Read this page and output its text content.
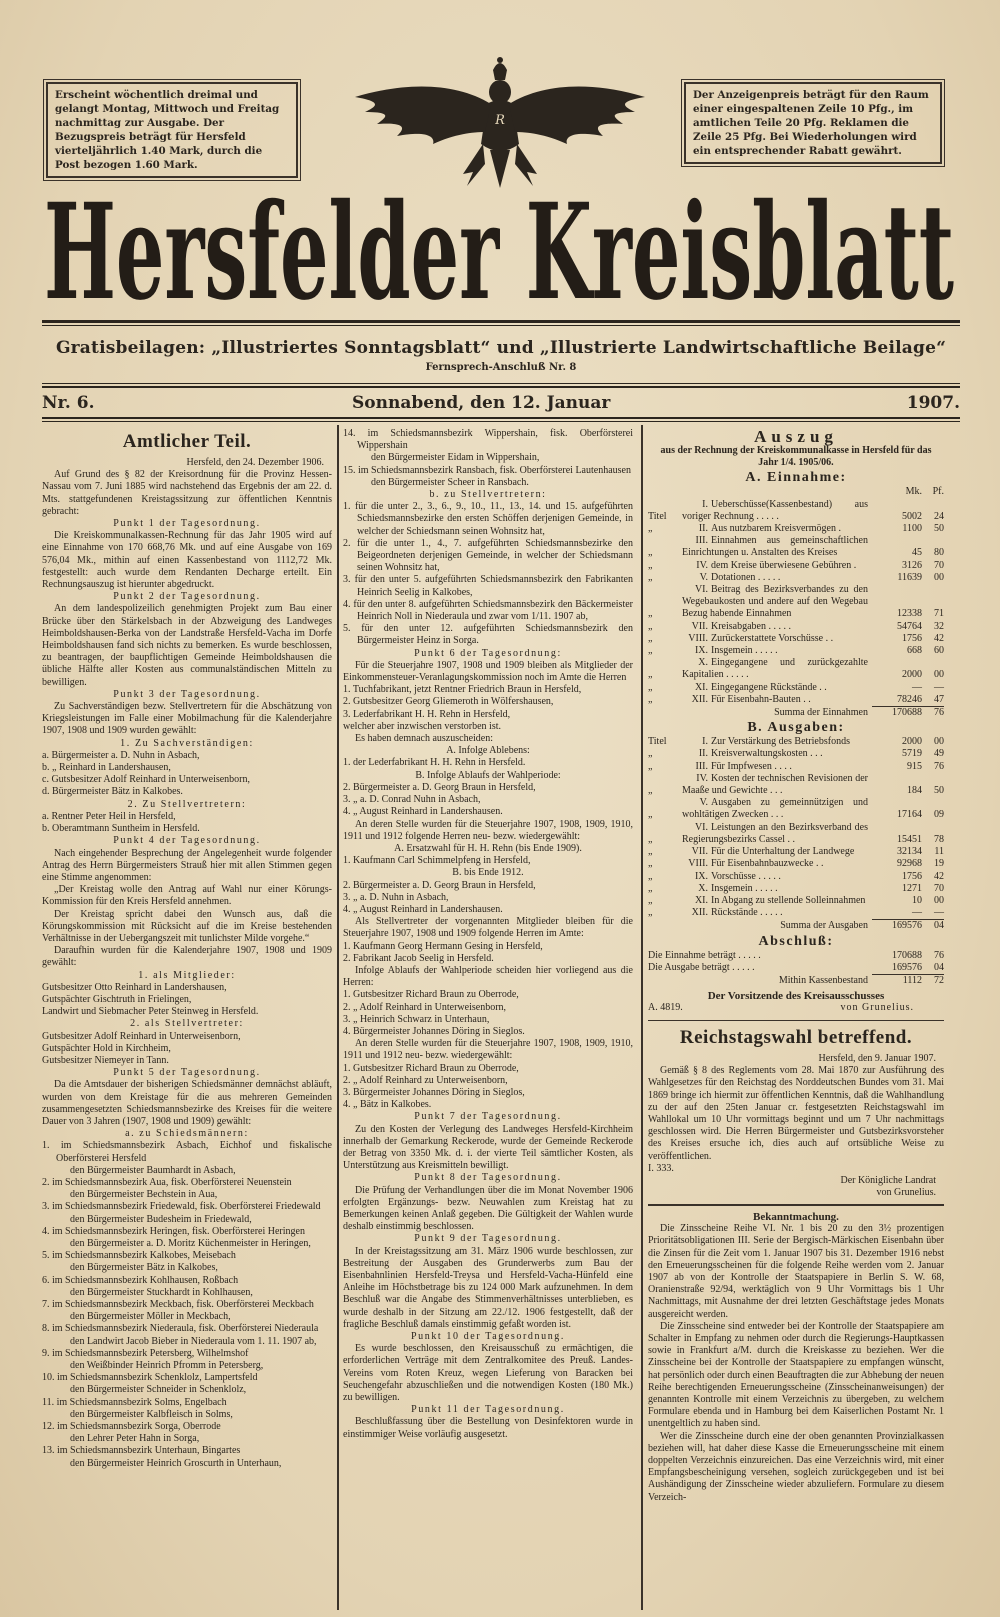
Erscheint wöchentlich dreimal und gelangt Montag, Mittwoch und Freitag nachmittag zur Ausgabe. Der Bezugspreis beträgt für Hersfeld vierteljährlich 1.40 Mark, durch die Post bezogen 1.60 Mark.
Der Anzeigenpreis beträgt für den Raum einer eingespaltenen Zeile 10 Pfg., im amtlichen Teile 20 Pfg. Reklamen die Zeile 25 Pfg. Bei Wiederholungen wird ein entsprechender Rabatt gewährt.
R
Hersfelder Kreisblatt
Gratisbeilagen: „Illustriertes Sonntagsblatt“ und „Illustrierte Landwirtschaftliche Beilage“
Fernsprech-Anschluß Nr. 8
Nr. 6.	Sonnabend, den 12. Januar	1907.
Amtlicher Teil.
Hersfeld, den 24. Dezember 1906.
Auf Grund des § 82 der Kreisordnung für die Provinz Hessen-Nassau vom 7. Juni 1885 wird nachstehend das Ergebnis der am 22. d. Mts. stattgefundenen Kreistagssitzung zur öffentlichen Kenntnis gebracht:
Punkt 1 der Tagesordnung.
Die Kreiskommunalkassen-Rechnung für das Jahr 1905 wird auf eine Einnahme von 170 668,76 Mk. und auf eine Ausgabe von 169 576,04 Mk., mithin auf einen Kassenbestand von 1112,72 Mk. festgestellt: auch wurde dem Rendanten Decharge erteilt. Ein Rechnungsauszug ist hierunter abgedruckt.
Punkt 2 der Tagesordnung.
An dem landespolizeilich genehmigten Projekt zum Bau einer Brücke über den Stärkelsbach in der Abzweigung des Landweges Heimboldshausen-Berka von der Landstraße Hersfeld-Vacha im Dorfe Heimboldshausen fand sich nichts zu bemerken. Es wurde beschlossen, zu beantragen, der baupflichtigen Gemeinde Heimboldshausen die übliche Hälfte aller Kosten aus communalständischen Mitteln zu bewilligen.
Punkt 3 der Tagesordnung.
Zu Sachverständigen bezw. Stellvertretern für die Abschätzung von Kriegsleistungen im Falle einer Mobilmachung für die Kalenderjahre 1907, 1908 und 1909 wurden gewählt:
1. Zu Sachverständigen:
a. Bürgermeister a. D. Nuhn in Asbach,
b. „ Reinhard in Landershausen,
c. Gutsbesitzer Adolf Reinhard in Unterweisenborn,
d. Bürgermeister Bätz in Kalkobes.
2. Zu Stellvertretern:
a. Rentner Peter Heil in Hersfeld,
b. Oberamtmann Suntheim in Hersfeld.
Punkt 4 der Tagesordnung.
Nach eingehender Besprechung der Angelegenheit wurde folgender Antrag des Herrn Bürgermeisters Strauß hier mit allen Stimmen gegen eine Stimme angenommen:
„Der Kreistag wolle den Antrag auf Wahl nur einer Körungs-Kommission für den Kreis Hersfeld annehmen.
Der Kreistag spricht dabei den Wunsch aus, daß die Körungskommission mit Rücksicht auf die im Kreise bestehenden Verhältnisse in der Uebergangszeit mit tunlichster Milde vorgehe.“
Daraufhin wurden für die Kalenderjahre 1907, 1908 und 1909 gewählt:
1. als Mitglieder:
Gutsbesitzer Otto Reinhard in Landershausen,
Gutspächter Gischtruth in Frielingen,
Landwirt und Siebmacher Peter Steinweg in Hersfeld.
2. als Stellvertreter:
Gutsbesitzer Adolf Reinhard in Unterweisenborn,
Gutspächter Hold in Kirchheim,
Gutsbesitzer Niemeyer in Tann.
Punkt 5 der Tagesordnung.
Da die Amtsdauer der bisherigen Schiedsmänner demnächst abläuft, wurden von dem Kreistage für die aus mehreren Gemeinden zusammengesetzten Schiedsmannsbezirke des Kreises für die weitere Dauer von 3 Jahren (1907, 1908 und 1909) gewählt:
a. zu Schiedsmännern:
1. im Schiedsmannsbezirk Asbach, Eichhof und fiskalische Oberförsterei Hersfeld
den Bürgermeister Baumhardt in Asbach,
2. im Schiedsmannsbezirk Aua, fisk. Oberförsterei Neuenstein
den Bürgermeister Bechstein in Aua,
3. im Schiedsmannsbezirk Friedewald, fisk. Oberförsterei Friedewald
den Bürgermeister Budesheim in Friedewald,
4. im Schiedsmannsbezirk Heringen, fisk. Oberförsterei Heringen
den Bürgermeister a. D. Moritz Küchenmeister in Heringen,
5. im Schiedsmannsbezirk Kalkobes, Meisebach
den Bürgermeister Bätz in Kalkobes,
6. im Schiedsmannsbezirk Kohlhausen, Roßbach
den Bürgermeister Stuckhardt in Kohlhausen,
7. im Schiedsmannsbezirk Meckbach, fisk. Oberförsterei Meckbach
den Bürgermeister Möller in Meckbach,
8. im Schiedsmannsbezirk Niederaula, fisk. Oberförsterei Niederaula
den Landwirt Jacob Bieber in Niederaula vom 1. 11. 1907 ab,
9. im Schiedsmannsbezirk Petersberg, Wilhelmshof
den Weißbinder Heinrich Pfromm in Petersberg,
10. im Schiedsmannsbezirk Schenklolz, Lampertsfeld
den Bürgermeister Schneider in Schenklolz,
11. im Schiedsmannsbezirk Solms, Engelbach
den Bürgermeister Kalbfleisch in Solms,
12. im Schiedsmannsbezirk Sorga, Oberrode
den Lehrer Peter Hahn in Sorga,
13. im Schiedsmannsbezirk Unterhaun, Bingartes
den Bürgermeister Heinrich Groscurth in Unterhaun,
14. im Schiedsmannsbezirk Wippershain, fisk. Oberförsterei Wippershain
den Bürgermeister Eidam in Wippershain,
15. im Schiedsmannsbezirk Ransbach, fisk. Oberförsterei Lautenhausen
den Bürgermeister Scheer in Ransbach.
b. zu Stellvertretern:
1. für die unter 2., 3., 6., 9., 10., 11., 13., 14. und 15. aufgeführten Schiedsmannsbezirke den ersten Schöffen derjenigen Gemeinde, in welcher der Schiedsmann seinen Wohnsitz hat,
2. für die unter 1., 4., 7. aufgeführten Schiedsmannsbezirke den Beigeordneten derjenigen Gemeinde, in welcher der Schiedsmann seinen Wohnsitz hat,
3. für den unter 5. aufgeführten Schiedsmannsbezirk den Fabrikanten Heinrich Seelig in Kalkobes,
4. für den unter 8. aufgeführten Schiedsmannsbezirk den Bäckermeister Heinrich Noll in Niederaula und zwar vom 1/11. 1907 ab,
5. für den unter 12. aufgeführten Schiedsmannsbezirk den Bürgermeister Heinz in Sorga.
Punkt 6 der Tagesordnung:
Für die Steuerjahre 1907, 1908 und 1909 bleiben als Mitglieder der Einkommensteuer-Veranlagungskommission noch im Amte die Herren
1. Tuchfabrikant, jetzt Rentner Friedrich Braun in Hersfeld,
2. Gutsbesitzer Georg Gliemeroth in Wölfershausen,
3. Lederfabrikant H. H. Rehn in Hersfeld,
welcher aber inzwischen verstorben ist.
Es haben demnach auszuscheiden:
A. Infolge Ablebens:
1. der Lederfabrikant H. H. Rehn in Hersfeld.
B. Infolge Ablaufs der Wahlperiode:
2. Bürgermeister a. D. Georg Braun in Hersfeld,
3. „ a. D. Conrad Nuhn in Asbach,
4. „ August Reinhard in Landershausen.
An deren Stelle wurden für die Steuerjahre 1907, 1908, 1909, 1910, 1911 und 1912 folgende Herren neu- bezw. wiedergewählt:
A. Ersatzwahl für H. H. Rehn (bis Ende 1909).
1. Kaufmann Carl Schimmelpfeng in Hersfeld,
B. bis Ende 1912.
2. Bürgermeister a. D. Georg Braun in Hersfeld,
3. „ a. D. Nuhn in Asbach,
4. „ August Reinhard in Landershausen.
Als Stellvertreter der vorgenannten Mitglieder bleiben für die Steuerjahre 1907, 1908 und 1909 folgende Herren im Amte:
1. Kaufmann Georg Hermann Gesing in Hersfeld,
2. Fabrikant Jacob Seelig in Hersfeld.
Infolge Ablaufs der Wahlperiode scheiden hier vorliegend aus die Herren:
1. Gutsbesitzer Richard Braun zu Oberrode,
2. „ Adolf Reinhard in Unterweisenborn,
3. „ Heinrich Schwarz in Unterhaun,
4. Bürgermeister Johannes Döring in Sieglos.
An deren Stelle wurden für die Steuerjahre 1907, 1908, 1909, 1910, 1911 und 1912 neu- bezw. wiedergewählt:
1. Gutsbesitzer Richard Braun zu Oberrode,
2. „ Adolf Reinhard zu Unterweisenborn,
3. Bürgermeister Johannes Döring in Sieglos,
4. „ Bätz in Kalkobes.
Punkt 7 der Tagesordnung.
Zu den Kosten der Verlegung des Landweges Hersfeld-Kirchheim innerhalb der Gemarkung Reckerode, wurde der Gemeinde Reckerode der Betrag von 3350 Mk. d. i. der vierte Teil sämtlicher Kosten, als Unterstützung aus Kreismitteln bewilligt.
Punkt 8 der Tagesordnung.
Die Prüfung der Verhandlungen über die im Monat November 1906 erfolgten Ergänzungs- bezw. Neuwahlen zum Kreistag hat zu Bemerkungen keinen Anlaß gegeben. Die Gültigkeit der Wahlen wurde deshalb einstimmig beschlossen.
Punkt 9 der Tagesordnung.
In der Kreistagssitzung am 31. März 1906 wurde beschlossen, zur Bestreitung der Ausgaben des Grunderwerbs zum Bau der Eisenbahnlinien Hersfeld-Treysa und Hersfeld-Vacha-Hünfeld eine Anleihe im Höchstbetrage bis zu 124 000 Mark aufzunehmen. In dem Beschluß war die Angabe des Stimmenverhältnisses unterblieben, es wurde deshalb in der Sitzung am 22./12. 1906 festgestellt, daß der fragliche Beschluß damals einstimmig gefaßt worden ist.
Punkt 10 der Tagesordnung.
Es wurde beschlossen, den Kreisausschuß zu ermächtigen, die erforderlichen Verträge mit dem Zentralkomitee des Preuß. Landes-Vereins vom Roten Kreuz, wegen Lieferung von Baracken bei Seuchengefahr abzuschließen und die notwendigen Kosten (180 Mk.) zu bewilligen.
Punkt 11 der Tagesordnung.
Beschlußfassung über die Bestellung von Desinfektoren wurde in einstimmiger Weise vorläufig ausgesetzt.
Auszug
aus der Rechnung der Kreiskommunalkasse in Hersfeld für das Jahr 1/4. 1905/06.
A. Einnahme:
Mk.	Pf.
Titel
I. Ueberschüsse(Kassenbestand) aus voriger Rechnung . . . . .	5002	24
„	II. Aus nutzbarem Kreisvermögen .	1100	50
„
III. Einnahmen aus gemeinschaftlichen Einrichtungen u. Anstalten des Kreises	45	80
„	IV. dem Kreise überwiesene Gebühren .	3126	70
„	V. Dotationen . . . . .	11639	00
„
VI. Beitrag des Bezirksverbandes zu den Wegebaukosten und andere auf den Wegebau Bezug habende Einnahmen	12338	71
„	VII. Kreisabgaben . . . . .	54764	32
„	VIII. Zurückerstattete Vorschüsse . .	1756	42
„	IX. Insgemein . . . . .	668	60
„
X. Eingegangene und zurückgezahlte Kapitalien . . . . .	2000	00
„	XI. Eingegangene Rückstände . .	—	—
„	XII. Für Eisenbahn-Bauten . .	78246	47
Summa der Einnahmen	170688	76
B. Ausgaben:
Titel	I. Zur Verstärkung des Betriebsfonds	2000	00
„	II. Kreisverwaltungskosten . . .	5719	49
„	III. Für Impfwesen . . . .	915	76
„
IV. Kosten der technischen Revisionen der Maaße und Gewichte . . .	184	50
„
V. Ausgaben zu gemeinnützigen und wohltätigen Zwecken . . .	17164	09
„
VI. Leistungen an den Bezirksverband des Regierungsbezirks Cassel . .	15451	78
„	VII. Für die Unterhaltung der Landwege	32134	11
„	VIII. Für Eisenbahnbauzwecke . .	92968	19
„	IX. Vorschüsse . . . . .	1756	42
„	X. Insgemein . . . . .	1271	70
„	XI. In Abgang zu stellende Solleinnahmen	10	00
„	XII. Rückstände . . . . .	—	—
Summa der Ausgaben	169576	04
Abschluß:
Die Einnahme beträgt . . . . .	170688	76
Die Ausgabe beträgt . . . . .	169576	04
Mithin Kassenbestand	1112	72
Der Vorsitzende des Kreisausschusses
A. 4819.	von Grunelius.
Reichstagswahl betreffend.
Hersfeld, den 9. Januar 1907.
Gemäß § 8 des Reglements vom 28. Mai 1870 zur Ausführung des Wahlgesetzes für den Reichstag des Norddeutschen Bundes vom 31. Mai 1869 bringe ich hiermit zur öffentlichen Kenntnis, daß die Wahlhandlung zu der auf den 25ten Januar cr. festgesetzten Reichstagswahl im Wahllokal um 10 Uhr vormittags beginnt und um 7 Uhr nachmittags geschlossen wird. Die Herren Bürgermeister und Gutsbezirksvorsteher des Kreises ersuche ich, dies auch auf ortsübliche Weise zu veröffentlichen.
I. 333.
Der Königliche Landrat
von Grunelius.
Bekanntmachung.
Die Zinsscheine Reihe VI. Nr. 1 bis 20 zu den 3½ prozentigen Prioritätsobligationen III. Serie der Bergisch-Märkischen Eisenbahn über die Zinsen für die Zeit vom 1. Januar 1907 bis 31. Dezember 1916 nebst den Erneuerungsscheinen für die folgende Reihe werden vom 2. Januar 1907 ab von der Kontrolle der Staatspapiere in Berlin S. W. 68, Oranienstraße 92/94, werktäglich von 9 Uhr Vormittags bis 1 Uhr Nachmittags, mit Ausnahme der drei letzten Geschäftstage jedes Monats ausgereicht werden.
Die Zinsscheine sind entweder bei der Kontrolle der Staatspapiere am Schalter in Empfang zu nehmen oder durch die Regierungs-Hauptkassen sowie in Frankfurt a/M. durch die Kreiskasse zu beziehen. Wer die Zinsscheine bei der Kontrolle der Staatspapiere zu empfangen wünscht, hat persönlich oder durch einen Beauftragten die zur Abhebung der neuen Reihe berechtigenden Erneuerungsscheine (Zinsscheinanweisungen) der genannten Kontrolle mit einem Verzeichnis zu übergeben, zu welchem Formulare ebenda und in Hamburg bei dem Kaiserlichen Postamt Nr. 1 unentgeltlich zu haben sind.
Wer die Zinsscheine durch eine der oben genannten Provinzialkassen beziehen will, hat daher diese Kasse die Erneuerungsscheine mit einem doppelten Verzeichnis einzureichen. Das eine Verzeichnis wird, mit einer Empfangsbescheinigung versehen, sogleich zurückgegeben und ist bei Aushändigung der Zinsscheine wieder abzuliefern. Formulare zu diesem Verzeich-
